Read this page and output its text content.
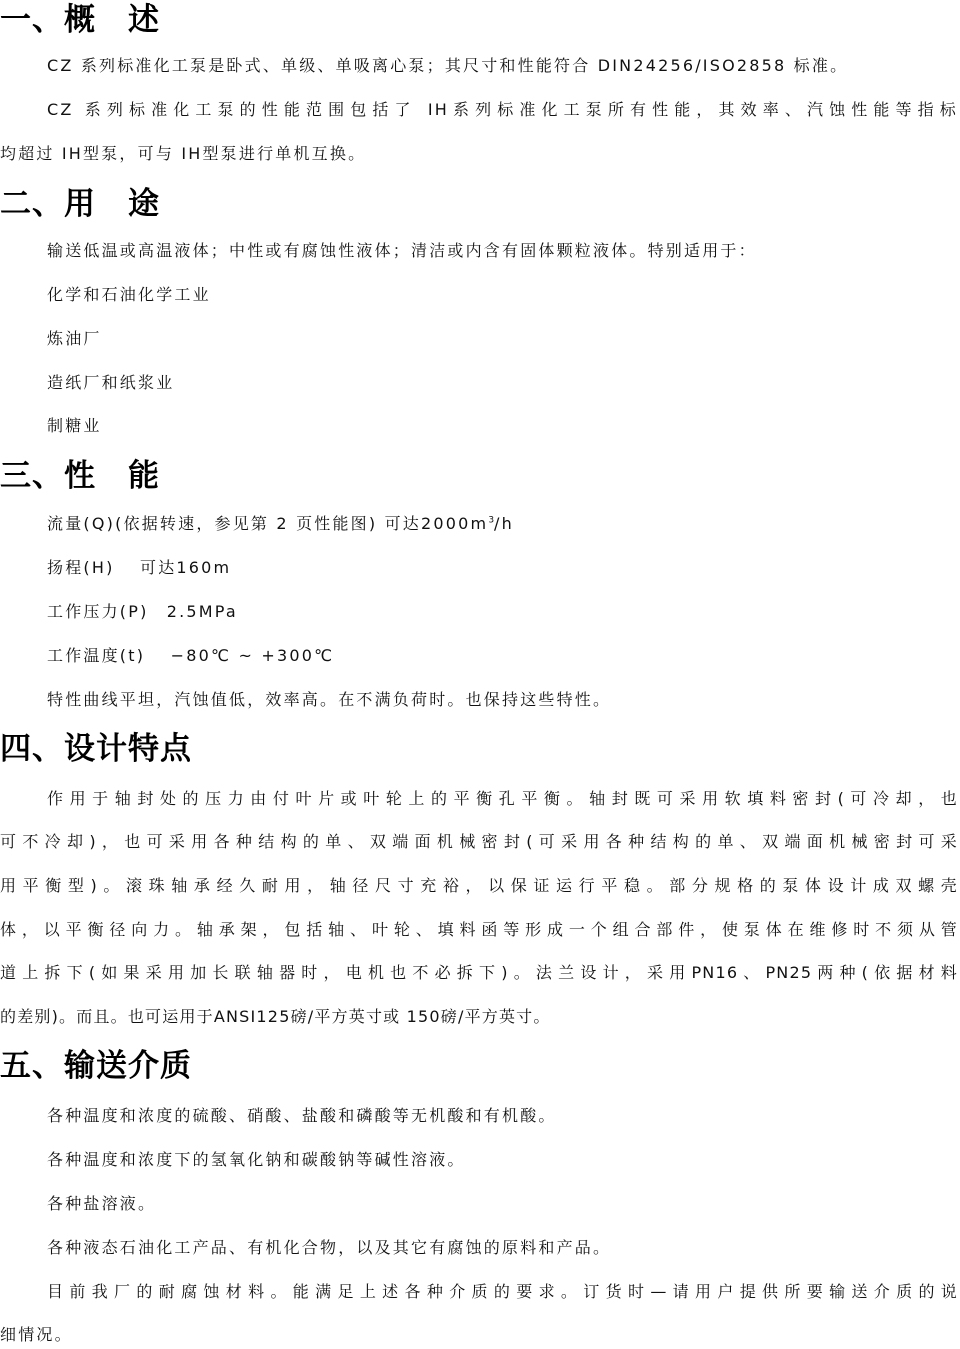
一、概　述

CZ 系列标准化工泵是卧式、单级、单吸离心泵；其尺寸和性能符合 DIN24256/ISO2858 标准。

CZ 系列标准化工泵的性能范围包括了 IH系列标准化工泵所有性能，其效率、汽蚀性能等指标

均超过 IH型泵，可与 IH型泵进行单机互换。

二、用　途

输送低温或高温液体；中性或有腐蚀性液体；清洁或内含有固体颗粒液体。特别适用于：

化学和石油化学工业

炼油厂

造纸厂和纸浆业

制糖业

三、性　能

流量(Q)(依据转速，参见第 2 页性能图) 可达$2000m^3/h$

扬程(H)　 可达160m

工作压力(P)　2.5MPa

工作温度(t)　 −80℃ ~ +300℃

特性曲线平坦，汽蚀值低，效率高。在不满负荷时。也保持这些特性。

四、设计特点

作用于轴封处的压力由付叶片或叶轮上的平衡孔平衡。轴封既可采用软填料密封(可冷却，也

可不冷却)，也可采用各种结构的单、双端面机械密封(可采用各种结构的单、双端面机械密封可采

用平衡型)。滚珠轴承经久耐用，轴径尺寸充裕，以保证运行平稳。部分规格的泵体设计成双螺壳

体，以平衡径向力。轴承架，包括轴、叶轮、填料函等形成一个组合部件，使泵体在维修时不须从管

道上拆下(如果采用加长联轴器时，电机也不必拆下)。法兰设计，采用PN16、PN25两种(依据材料

的差别)。而且。也可运用于ANSI125磅/平方英寸或 150磅/平方英寸。

五、输送介质

各种温度和浓度的硫酸、硝酸、盐酸和磷酸等无机酸和有机酸。

各种温度和浓度下的氢氧化钠和碳酸钠等碱性溶液。

各种盐溶液。

各种液态石油化工产品、有机化合物，以及其它有腐蚀的原料和产品。

目前我厂的耐腐蚀材料。能满足上述各种介质的要求。订货时—请用户提供所要输送介质的说

细情况。
